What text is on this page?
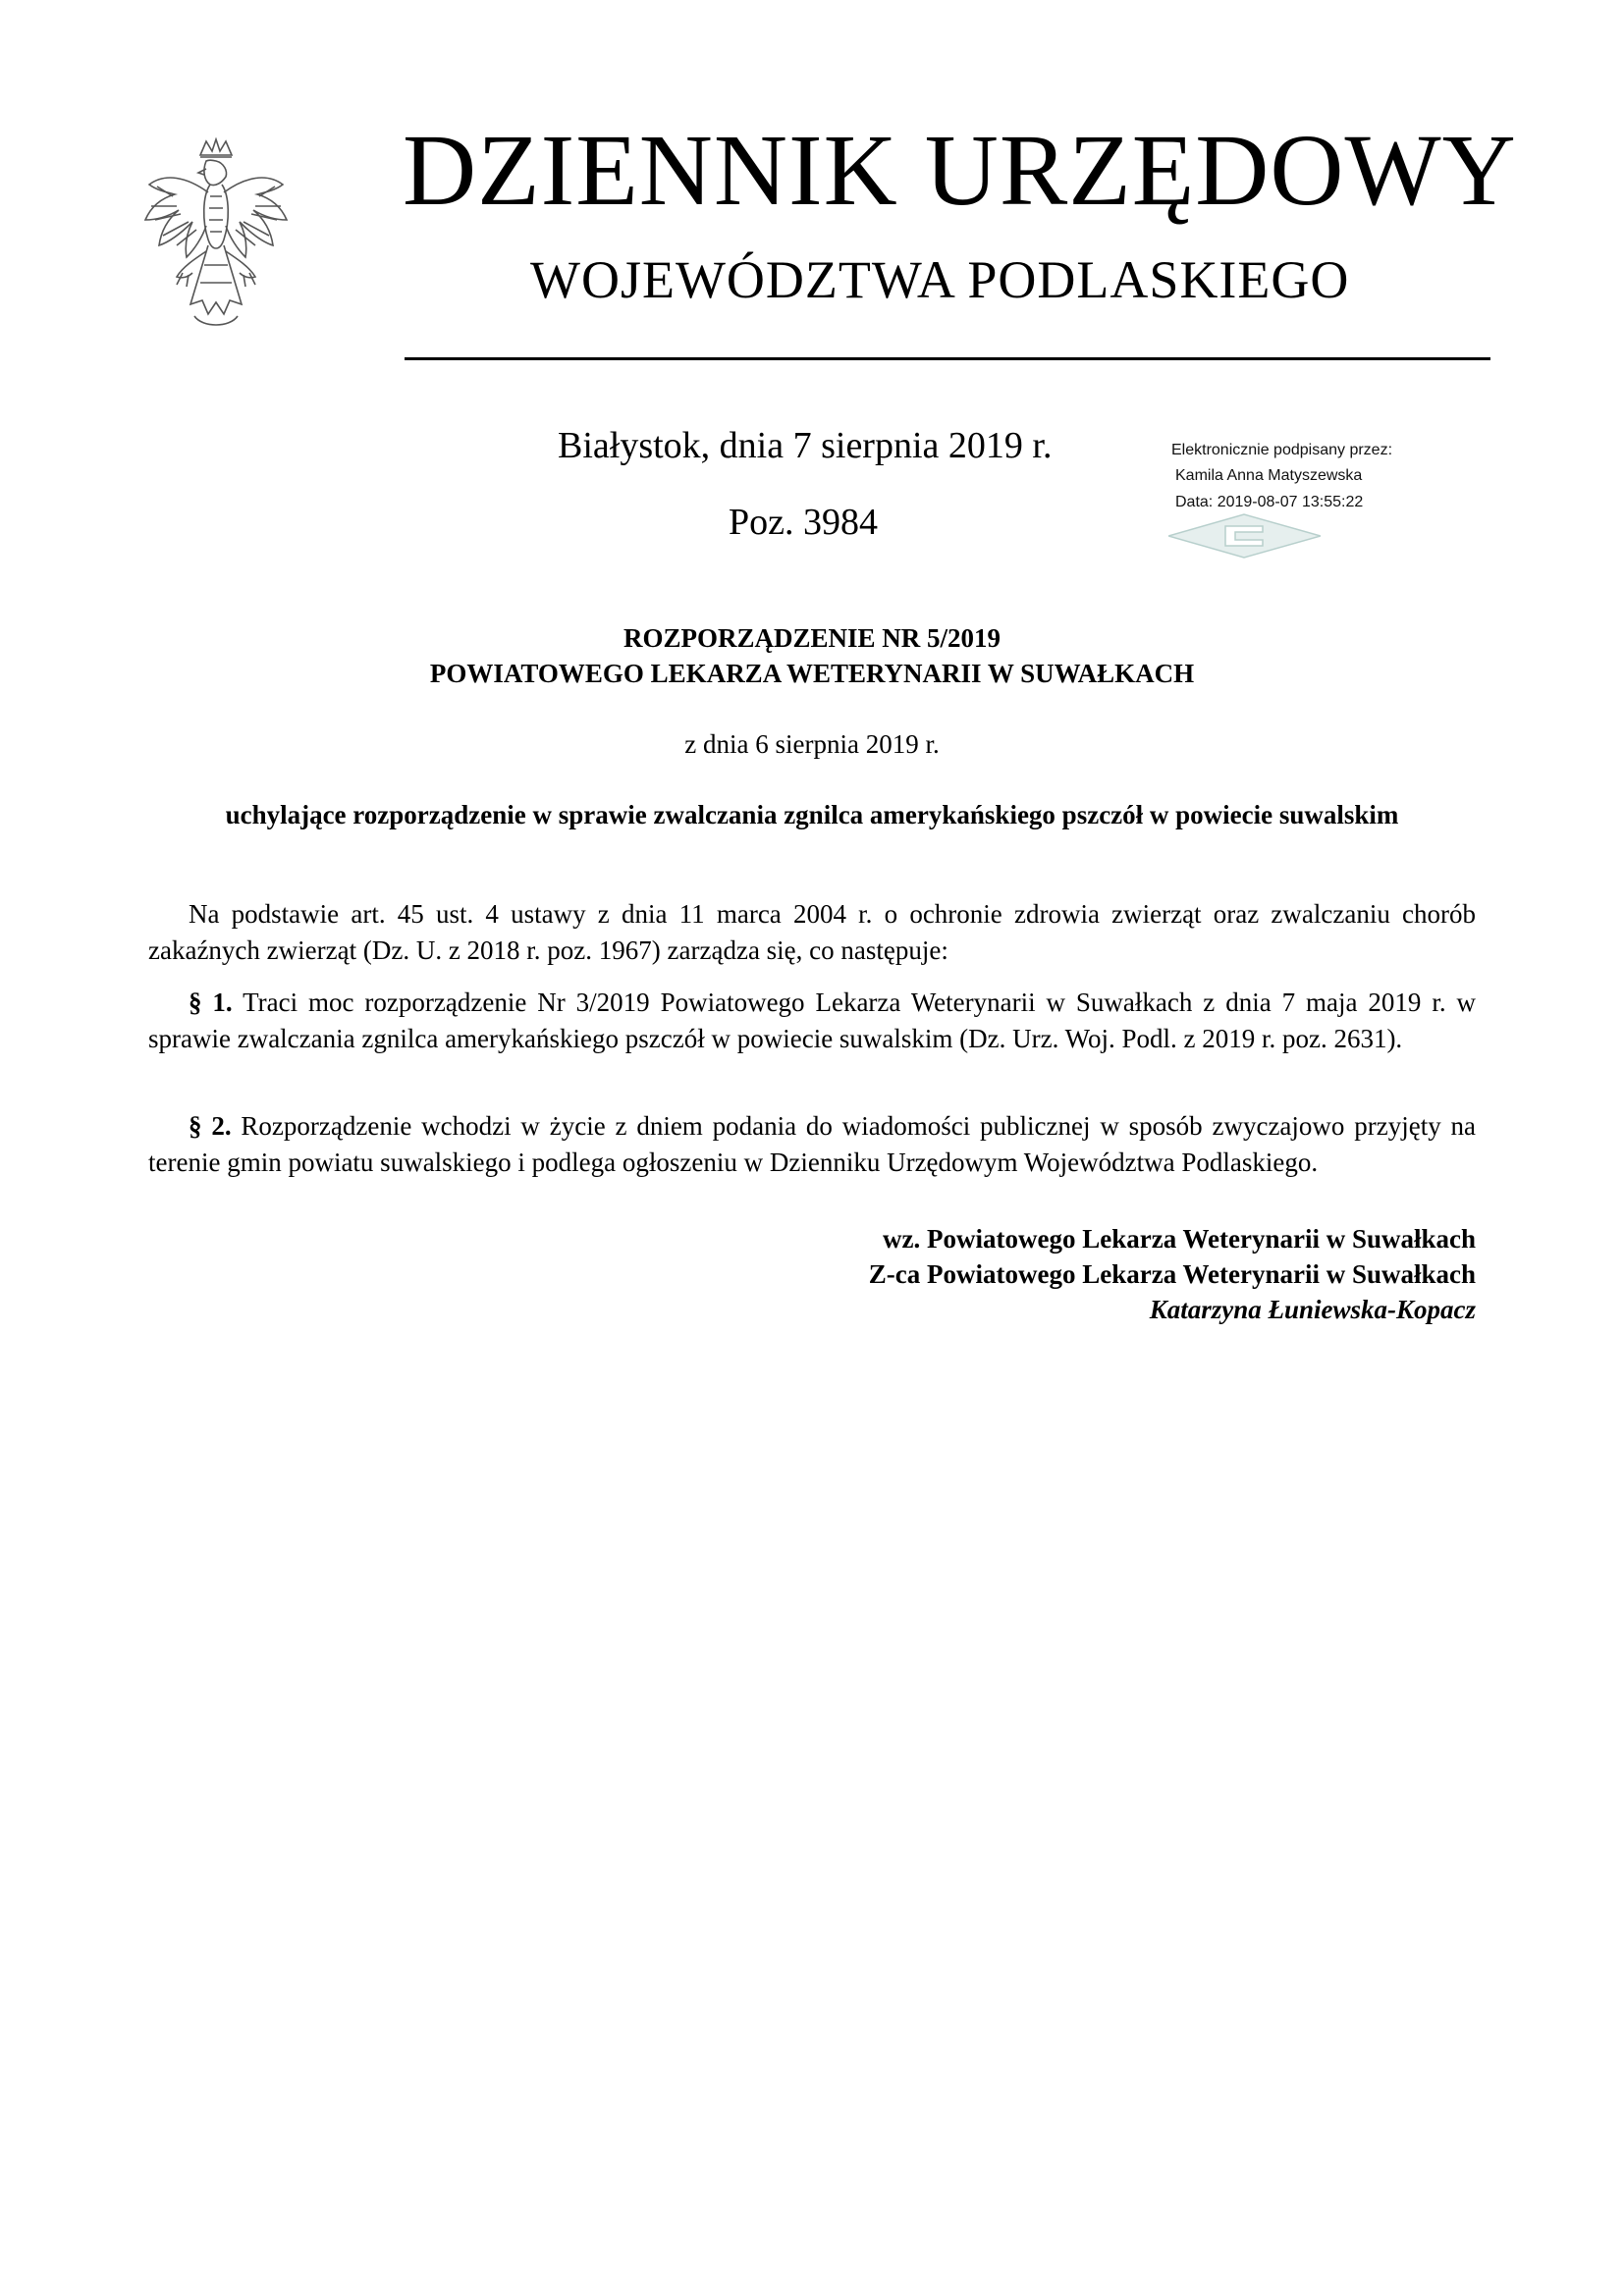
DZIENNIK URZĘDOWY
WOJEWÓDZTWA PODLASKIEGO
Białystok, dnia 7 sierpnia 2019 r.
Poz. 3984
Elektronicznie podpisany przez:
Kamila Anna Matyszewska
Data: 2019-08-07 13:55:22
ROZPORZĄDZENIE NR 5/2019
POWIATOWEGO LEKARZA WETERYNARII W SUWAŁKACH
z dnia 6 sierpnia 2019 r.
uchylające rozporządzenie w sprawie zwalczania zgnilca amerykańskiego pszczół w powiecie suwalskim
Na podstawie art. 45 ust. 4 ustawy z dnia 11 marca 2004 r. o ochronie zdrowia zwierząt oraz zwalczaniu chorób zakaźnych zwierząt (Dz. U. z 2018 r. poz. 1967) zarządza się, co następuje:
§ 1. Traci moc rozporządzenie Nr 3/2019 Powiatowego Lekarza Weterynarii w Suwałkach z dnia 7 maja 2019 r. w sprawie zwalczania zgnilca amerykańskiego pszczół w powiecie suwalskim (Dz. Urz. Woj. Podl. z 2019 r. poz. 2631).
§ 2. Rozporządzenie wchodzi w życie z dniem podania do wiadomości publicznej w sposób zwyczajowo przyjęty na terenie gmin powiatu suwalskiego i podlega ogłoszeniu w Dzienniku Urzędowym Województwa Podlaskiego.
wz. Powiatowego Lekarza Weterynarii w Suwałkach
Z-ca Powiatowego Lekarza Weterynarii w Suwałkach
Katarzyna Łuniewska-Kopacz
